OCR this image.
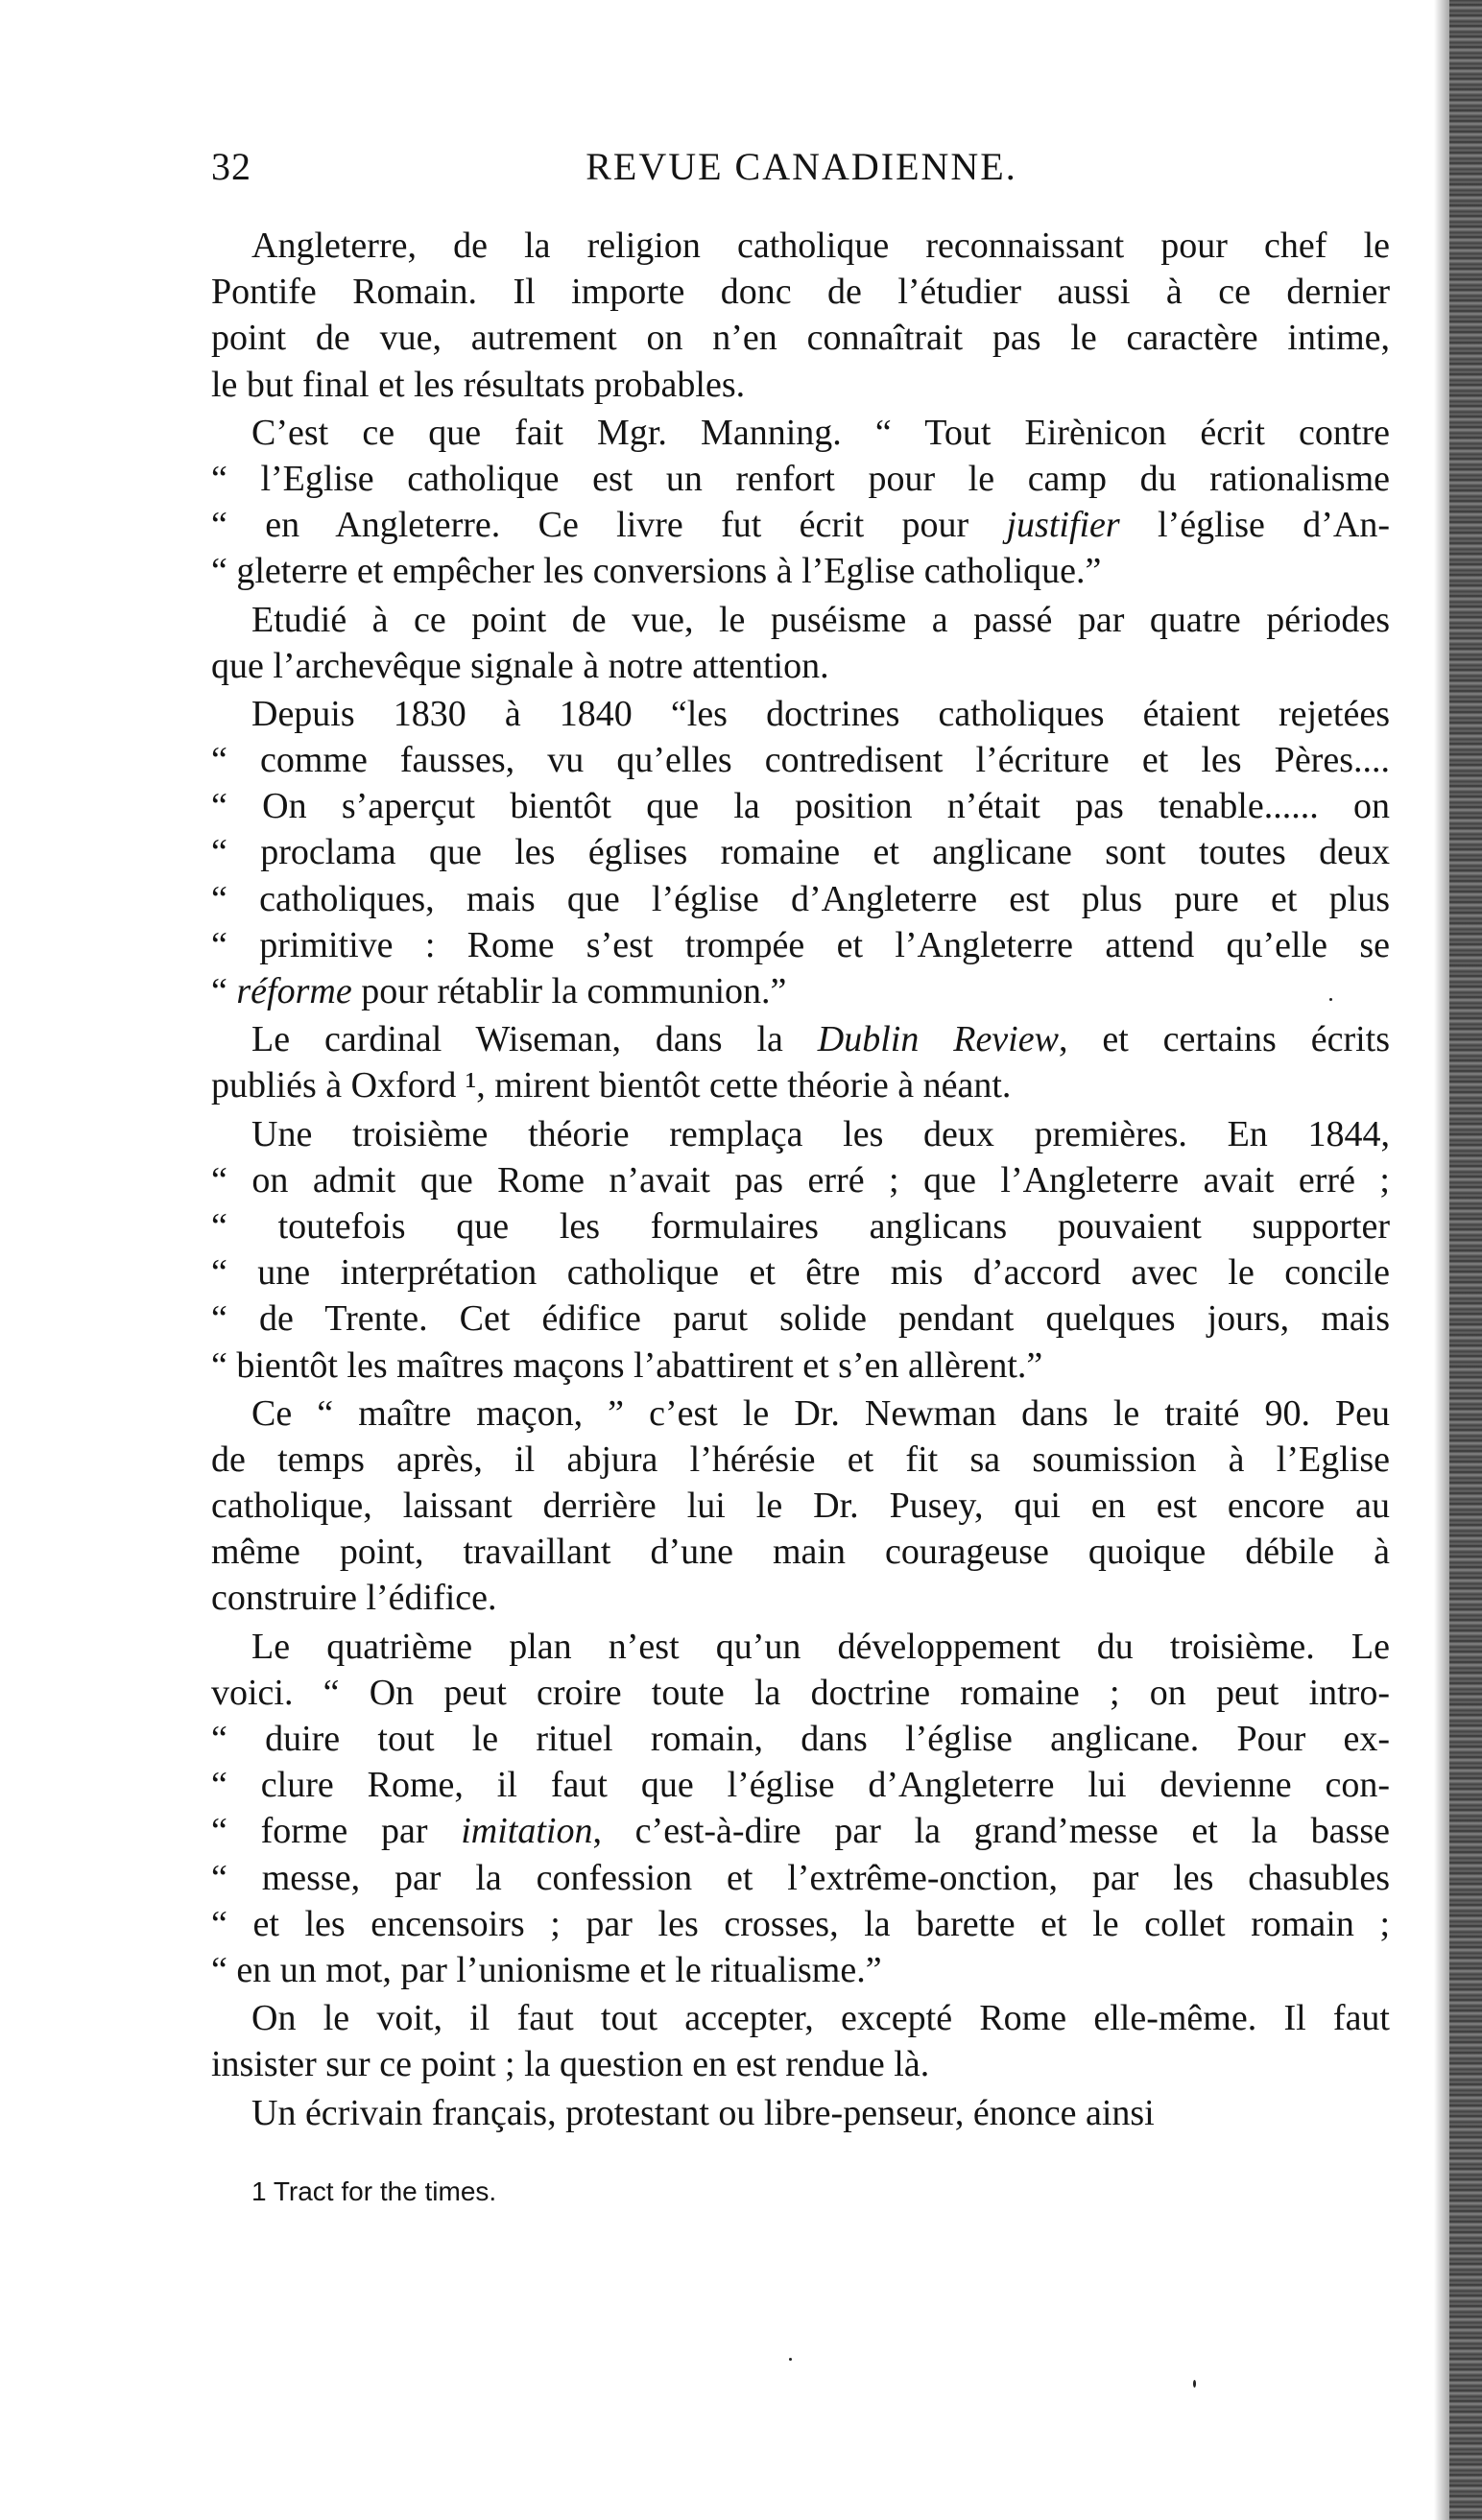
32	REVUE CANADIENNE.
Angleterre, de la religion catholique reconnaissant pour chef le
Pontife Romain. Il importe donc de l’étudier aussi à ce dernier
point de vue, autrement on n’en connaîtrait pas le caractère intime,
le but final et les résultats probables.
C’est ce que fait Mgr. Manning. “ Tout Eirènicon écrit contre
“ l’Eglise catholique est un renfort pour le camp du rationalisme
“ en Angleterre. Ce livre fut écrit pour justifier l’église d’An-
“ gleterre et empêcher les conversions à l’Eglise catholique.”
Etudié à ce point de vue, le puséisme a passé par quatre périodes
que l’archevêque signale à notre attention.
Depuis 1830 à 1840 “les doctrines catholiques étaient rejetées
“ comme fausses, vu qu’elles contredisent l’écriture et les Pères....
“ On s’aperçut bientôt que la position n’était pas tenable...... on
“ proclama que les églises romaine et anglicane sont toutes deux
“ catholiques, mais que l’église d’Angleterre est plus pure et plus
“ primitive : Rome s’est trompée et l’Angleterre attend qu’elle se
“ réforme pour rétablir la communion.”
Le cardinal Wiseman, dans la Dublin Review, et certains écrits
publiés à Oxford ¹, mirent bientôt cette théorie à néant.
Une troisième théorie remplaça les deux premières. En 1844,
“ on admit que Rome n’avait pas erré ; que l’Angleterre avait erré ;
“ toutefois que les formulaires anglicans pouvaient supporter
“ une interprétation catholique et être mis d’accord avec le concile
“ de Trente. Cet édifice parut solide pendant quelques jours, mais
“ bientôt les maîtres maçons l’abattirent et s’en allèrent.”
Ce “ maître maçon, ” c’est le Dr. Newman dans le traité 90. Peu
de temps après, il abjura l’hérésie et fit sa soumission à l’Eglise
catholique, laissant derrière lui le Dr. Pusey, qui en est encore au
même point, travaillant d’une main courageuse quoique débile à
construire l’édifice.
Le quatrième plan n’est qu’un développement du troisième. Le
voici. “ On peut croire toute la doctrine romaine ; on peut intro-
“ duire tout le rituel romain, dans l’église anglicane. Pour ex-
“ clure Rome, il faut que l’église d’Angleterre lui devienne con-
“ forme par imitation, c’est-à-dire par la grand’messe et la basse
“ messe, par la confession et l’extrême-onction, par les chasubles
“ et les encensoirs ; par les crosses, la barette et le collet romain ;
“ en un mot, par l’unionisme et le ritualisme.”
On le voit, il faut tout accepter, excepté Rome elle-même. Il faut
insister sur ce point ; la question en est rendue là.
Un écrivain français, protestant ou libre-penseur, énonce ainsi
1 Tract for the times.
